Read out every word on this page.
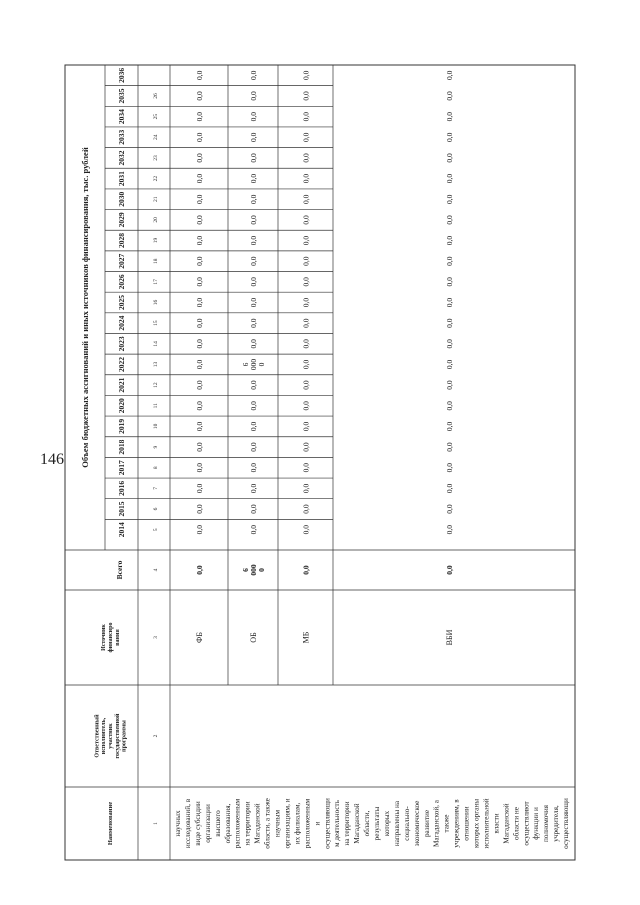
146
Наименование
Ответственный исполнитель, участник государственной программы
Источник финансиро вания
Объем бюджетных ассигнований и иных источников финансирования, тыс. рублей
Всего
2014
2015
2016
2017
2018
2019
2020
2021
2022
2023
2024
2025
2026
2027
2028
2029
2030
2031
2032
2033
2034
2035
2036
1
2
3
4
5
6
7
8
9
10
11
12
13
14
15
16
17
18
19
20
21
22
23
24
25
26
научных исследований, в виде субсидии организации высшего образования, расположенным на территории Магаданской области, а также научным организациям, и их филиалам, расположенным и осуществляющи м деятельность на территории Магаданской области, результаты которых направлены на социально- экономическое развитие Магаданской, а также учреждениям, в отношении которых органы исполнительной власти Магаданской области не осуществляют функции и полномочия учредителя, осуществляющи
ФБ
0,0
0,0
0,0
0,0
0,0
0,0
0,0
0,0
0,0
0,0
0,0
0,0
0,0
0,0
0,0
0,0
0,0
0,0
0,0
0,0
0,0
0,0
0,0
0,0
ОБ
6 000 0
0,0
0,0
0,0
0,0
0,0
0,0
0,0
0,0
6 000 0
0,0
0,0
0,0
0,0
0,0
0,0
0,0
0,0
0,0
0,0
0,0
0,0
0,0
0,0
МБ
0,0
0,0
0,0
0,0
0,0
0,0
0,0
0,0
0,0
0,0
0,0
0,0
0,0
0,0
0,0
0,0
0,0
0,0
0,0
0,0
0,0
0,0
0,0
0,0
ВБИ
0,0
0,0
0,0
0,0
0,0
0,0
0,0
0,0
0,0
0,0
0,0
0,0
0,0
0,0
0,0
0,0
0,0
0,0
0,0
0,0
0,0
0,0
0,0
0,0
